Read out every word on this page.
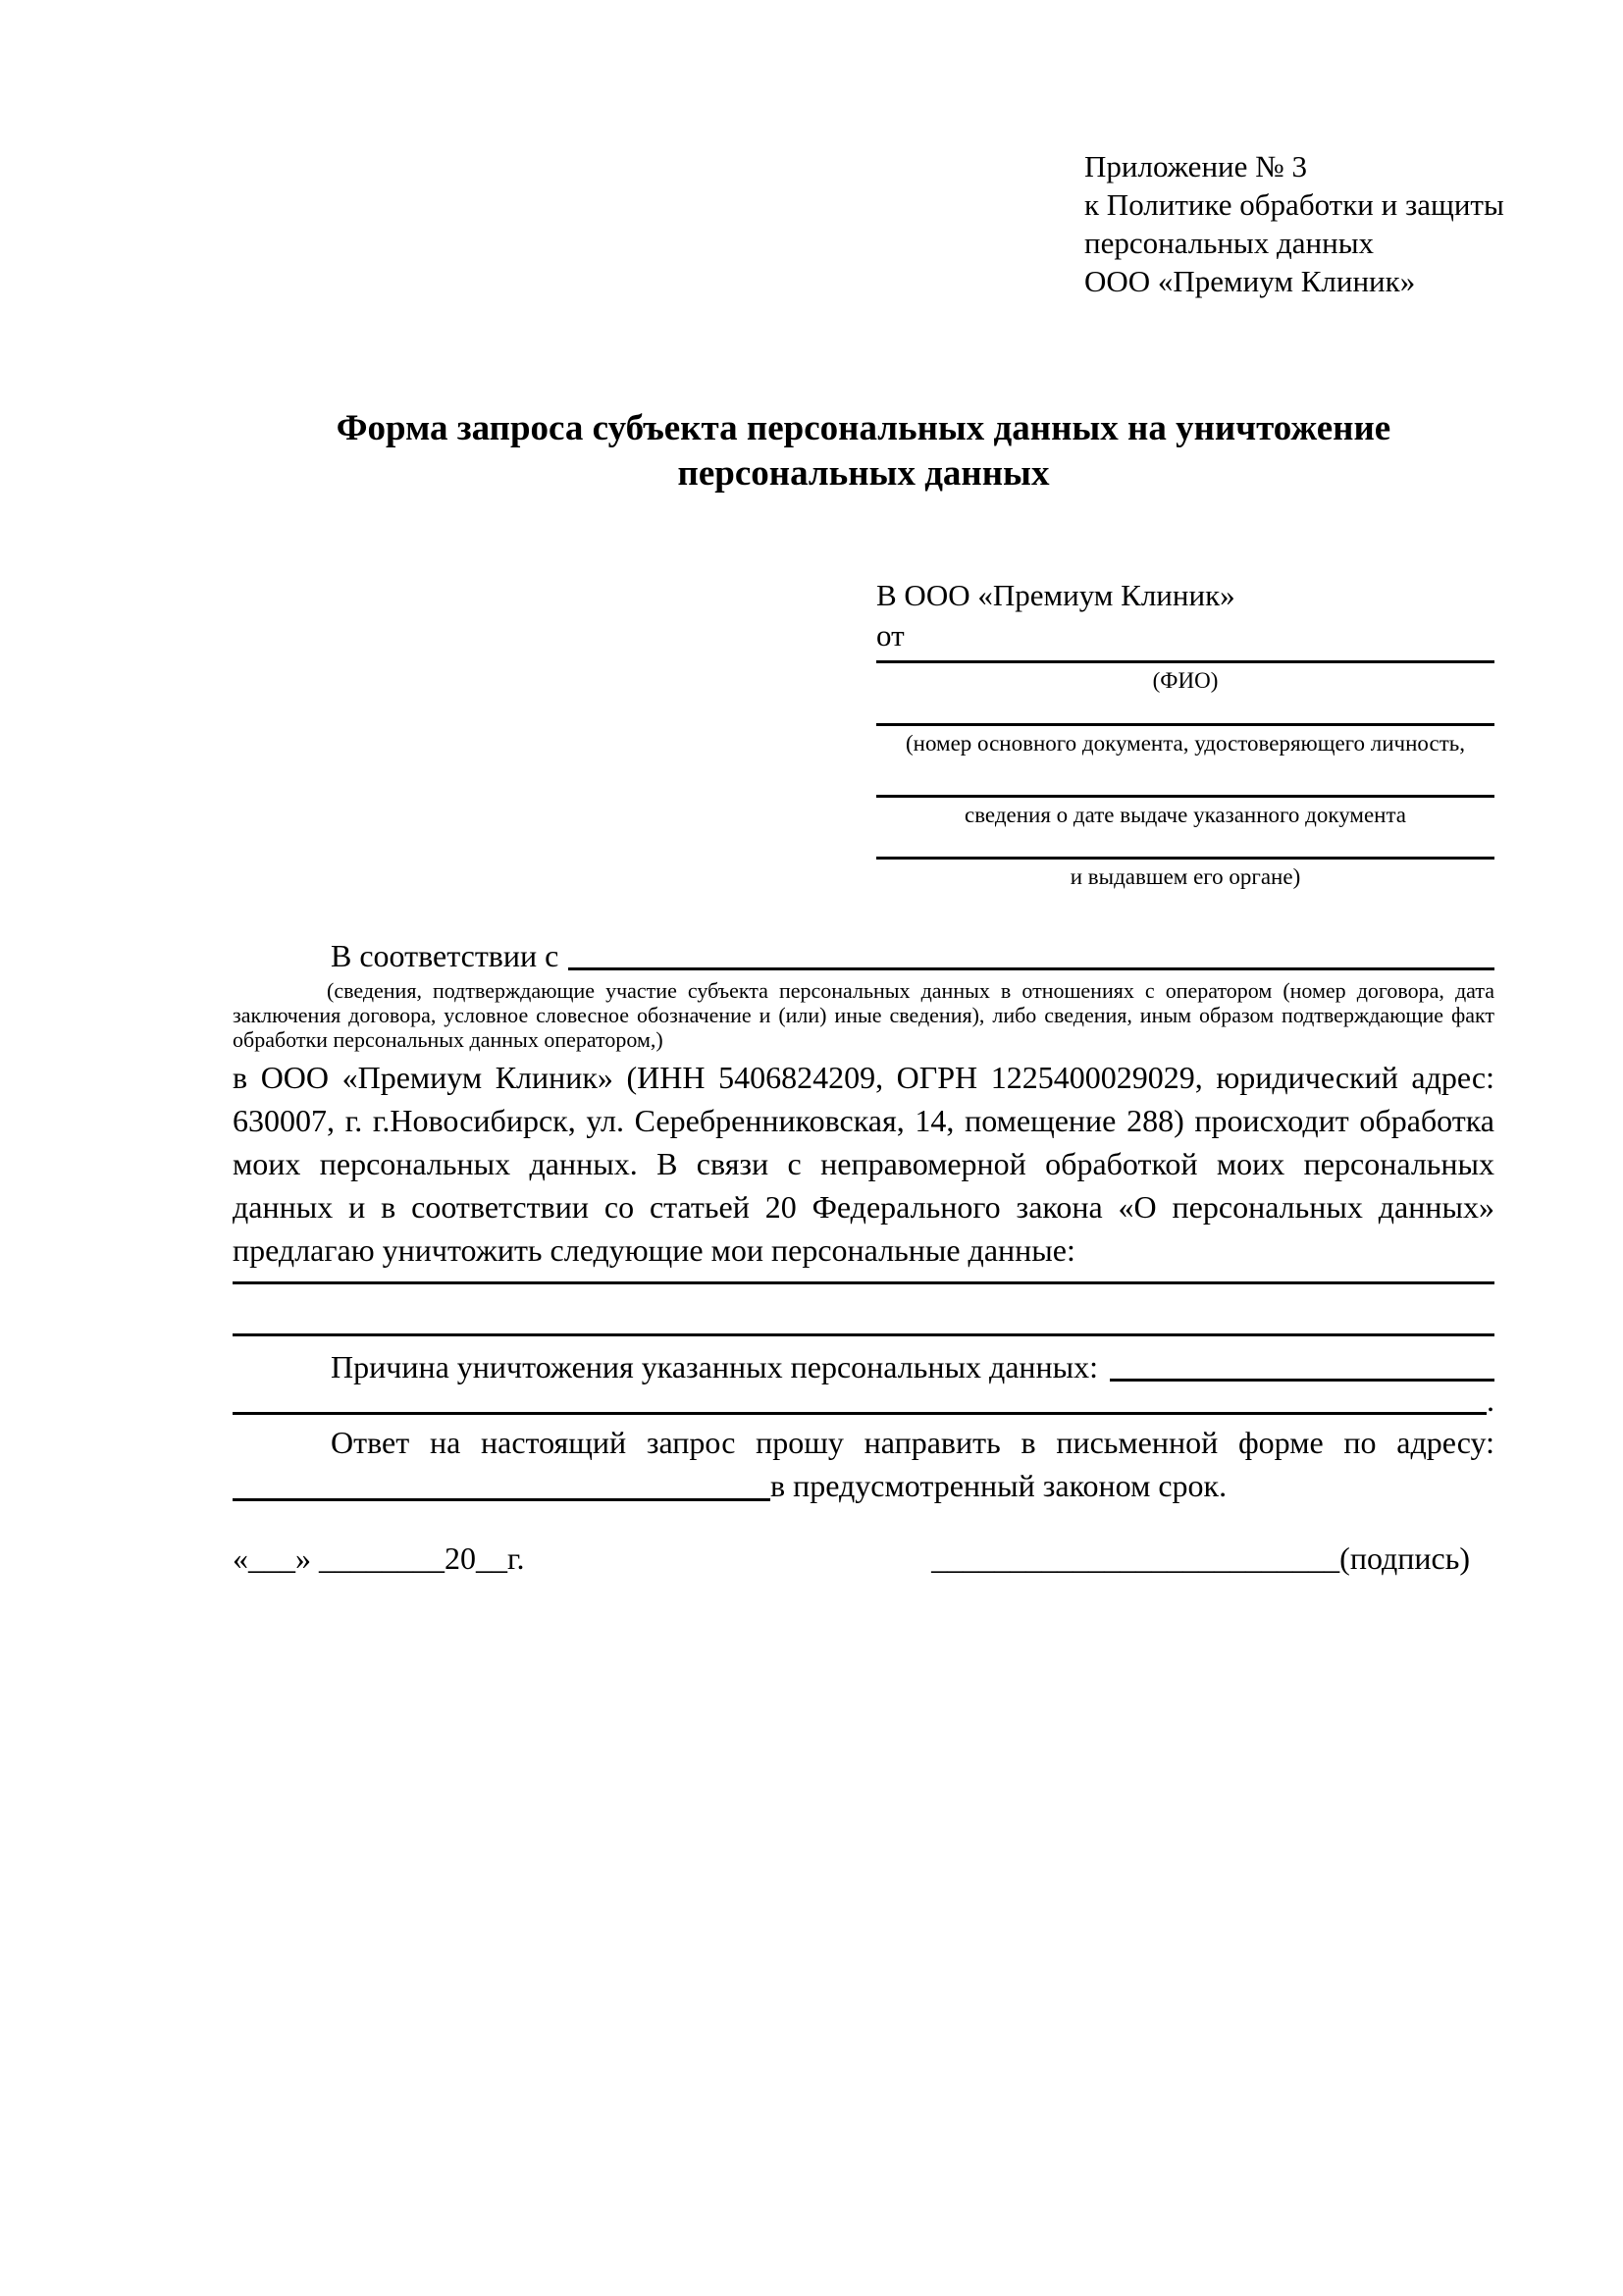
Приложение № 3
к Политике обработки и защиты
персональных данных
ООО «Премиум Клиник»
Форма запроса субъекта персональных данных на уничтожение
персональных данных
В ООО «Премиум Клиник»
от
(ФИО)
(номер основного документа, удостоверяющего личность,
сведения о дате выдаче указанного документа
и выдавшем его органе)
В соответствии с
(сведения, подтверждающие участие субъекта персональных данных в отношениях с оператором (номер договора, дата заключения договора, условное словесное обозначение и (или) иные сведения), либо сведения, иным образом подтверждающие факт обработки персональных данных оператором,)
в ООО «Премиум Клиник» (ИНН 5406824209, ОГРН 1225400029029, юридический адрес: 630007, г. г.Новосибирск, ул. Серебренниковская, 14, помещение 288) происходит обработка моих персональных данных. В связи с неправомерной обработкой моих персональных данных и в соответствии со статьей 20 Федерального закона «О персональных данных» предлагаю уничтожить следующие мои персональные данные:
Причина уничтожения указанных персональных данных:
.
Ответ на настоящий запрос прошу направить в письменной форме по адресу:
в предусмотренный законом срок.
«___» ________20__г.	__________________________(подпись)
